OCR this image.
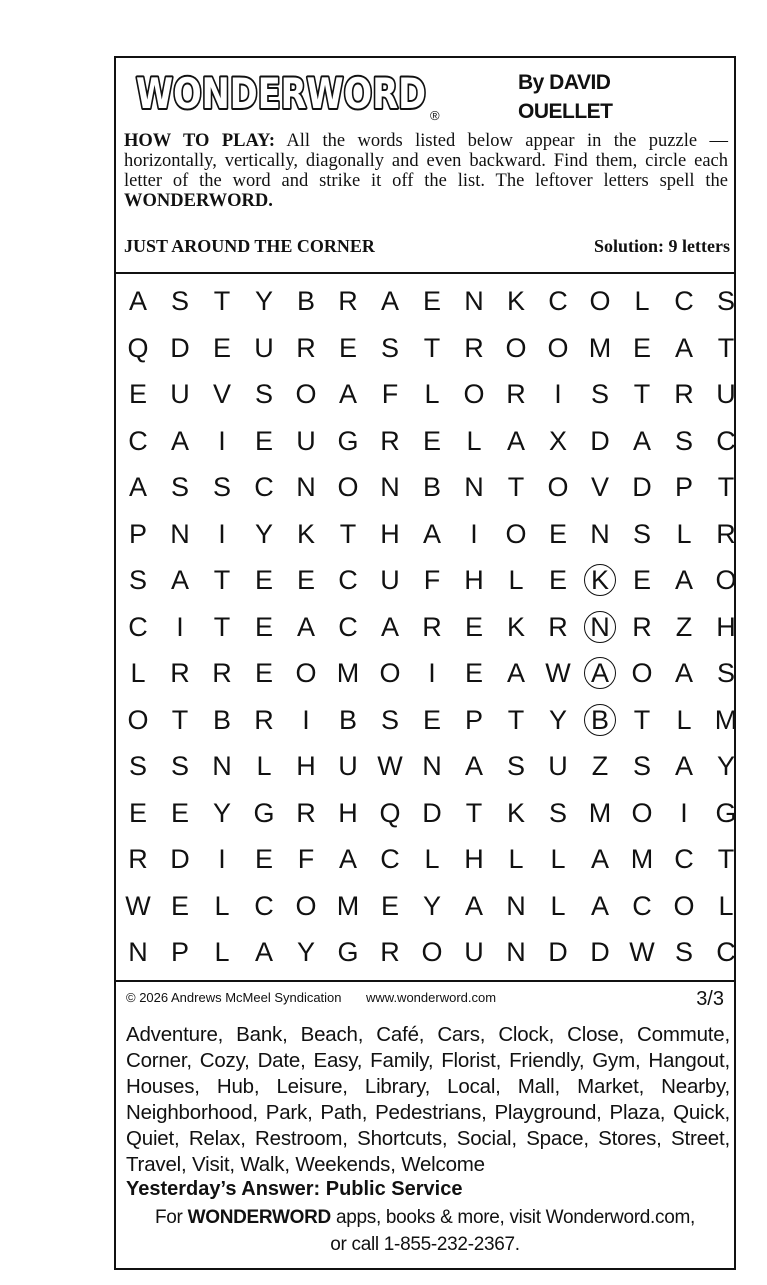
WONDERWORD
WONDERWORD ®
By DAVID
OUELLET
HOW TO PLAY: All the words listed below appear in the puzzle — horizontally, vertically, diagonally and even backward. Find them, circle each letter of the word and strike it off the list. The leftover letters spell the WONDERWORD.
JUST AROUND THE CORNER	Solution: 9 letters
A S T Y B R A E N K C O L C S
Q D E U R E S T R O O M E A T
E U V S O A F L O R	I	S T R U
C A	I	E U G R E L A X D A S C
A S S C N O N B N T O V D P T
P N	I	Y K T H A	I	O E N S L R
S A T E E C U F H L E K E A O
C	I	T E A C A R E K R N R Z H
L R R E O M O	I	E A W A O A S
O T B R	I	B S E P T Y B T L M
S S N L H U W N A S U Z S A Y
E E Y G R H Q D T K S M O	I	G
R D	I	E F A C L H L L A M C T
W E L C O M E Y A N L A C O L
N P L A Y G R O U N D D W S C
© 2026 Andrews McMeel Syndication www.wonderword.com	3/3
Adventure, Bank, Beach, Café, Cars, Clock, Close, Commute, Corner, Cozy, Date, Easy, Family, Florist, Friendly, Gym, Hangout, Houses, Hub, Leisure, Library, Local, Mall, Market, Nearby, Neighborhood, Park, Path, Pedestrians, Playground, Plaza, Quick, Quiet, Relax, Restroom, Shortcuts, Social, Space, Stores, Street, Travel, Visit, Walk, Weekends, Welcome
Yesterday’s Answer: Public Service
For WONDERWORD apps, books & more, visit Wonderword.com,
or call 1-855-232-2367.
